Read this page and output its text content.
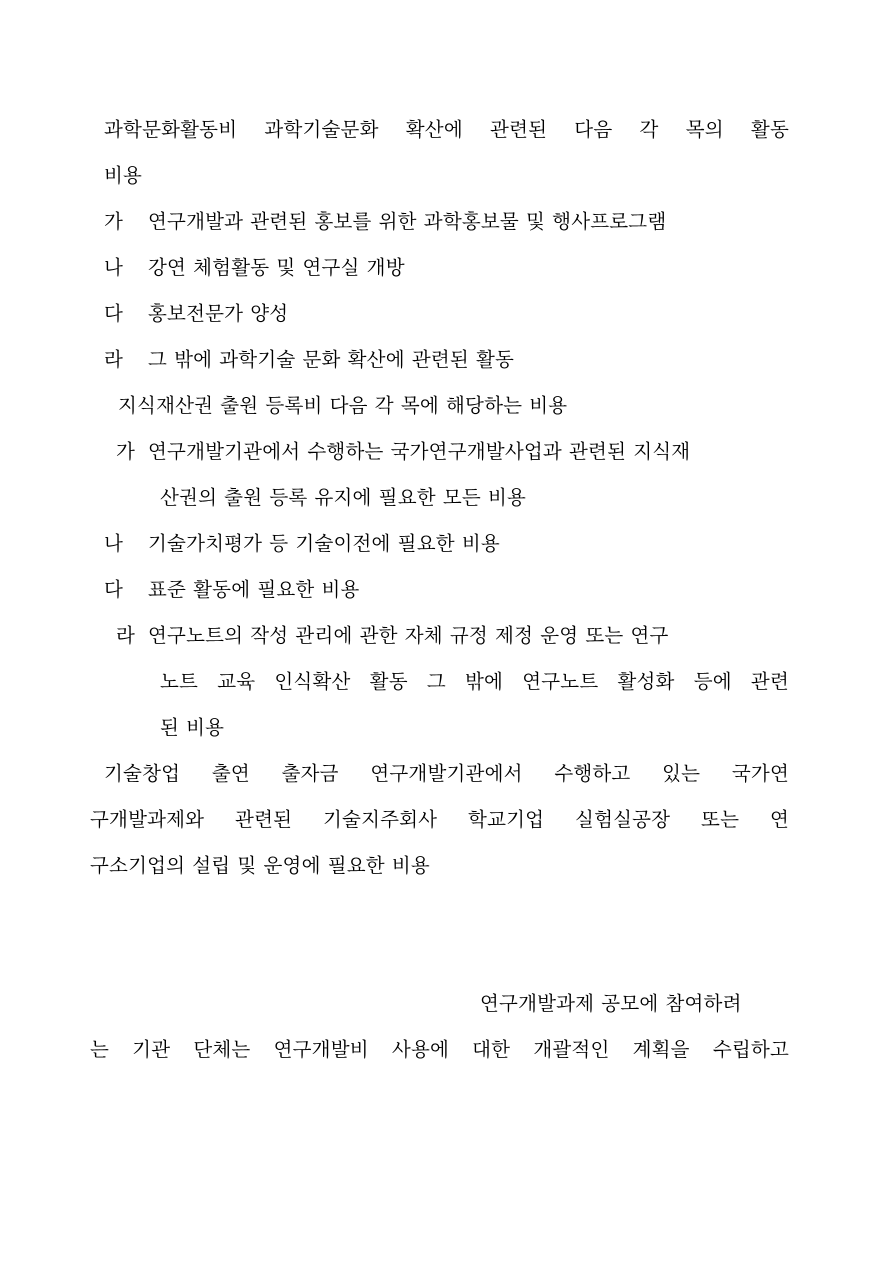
과학문화활동비 과학기술문화 확산에 관련된 다음 각 목의 활동
비용
가 연구개발과 관련된 홍보를 위한 과학홍보물 및 행사프로그램
나 강연 체험활동 및 연구실 개방
다 홍보전문가 양성
라 그 밖에 과학기술 문화 확산에 관련된 활동
지식재산권 출원 등록비 다음 각 목에 해당하는 비용
가 연구개발기관에서 수행하는 국가연구개발사업과 관련된 지식재
산권의 출원 등록 유지에 필요한 모든 비용
나 기술가치평가 등 기술이전에 필요한 비용
다 표준 활동에 필요한 비용
라 연구노트의 작성 관리에 관한 자체 규정 제정 운영 또는 연구
노트 교육 인식확산 활동 그 밖에 연구노트 활성화 등에 관련
된 비용
기술창업 출연 출자금 연구개발기관에서 수행하고 있는 국가연
구개발과제와 관련된 기술지주회사 학교기업 실험실공장 또는 연
구소기업의 설립 및 운영에 필요한 비용
연구개발과제 공모에 참여하려
는 기관 단체는 연구개발비 사용에 대한 개괄적인 계획을 수립하고
